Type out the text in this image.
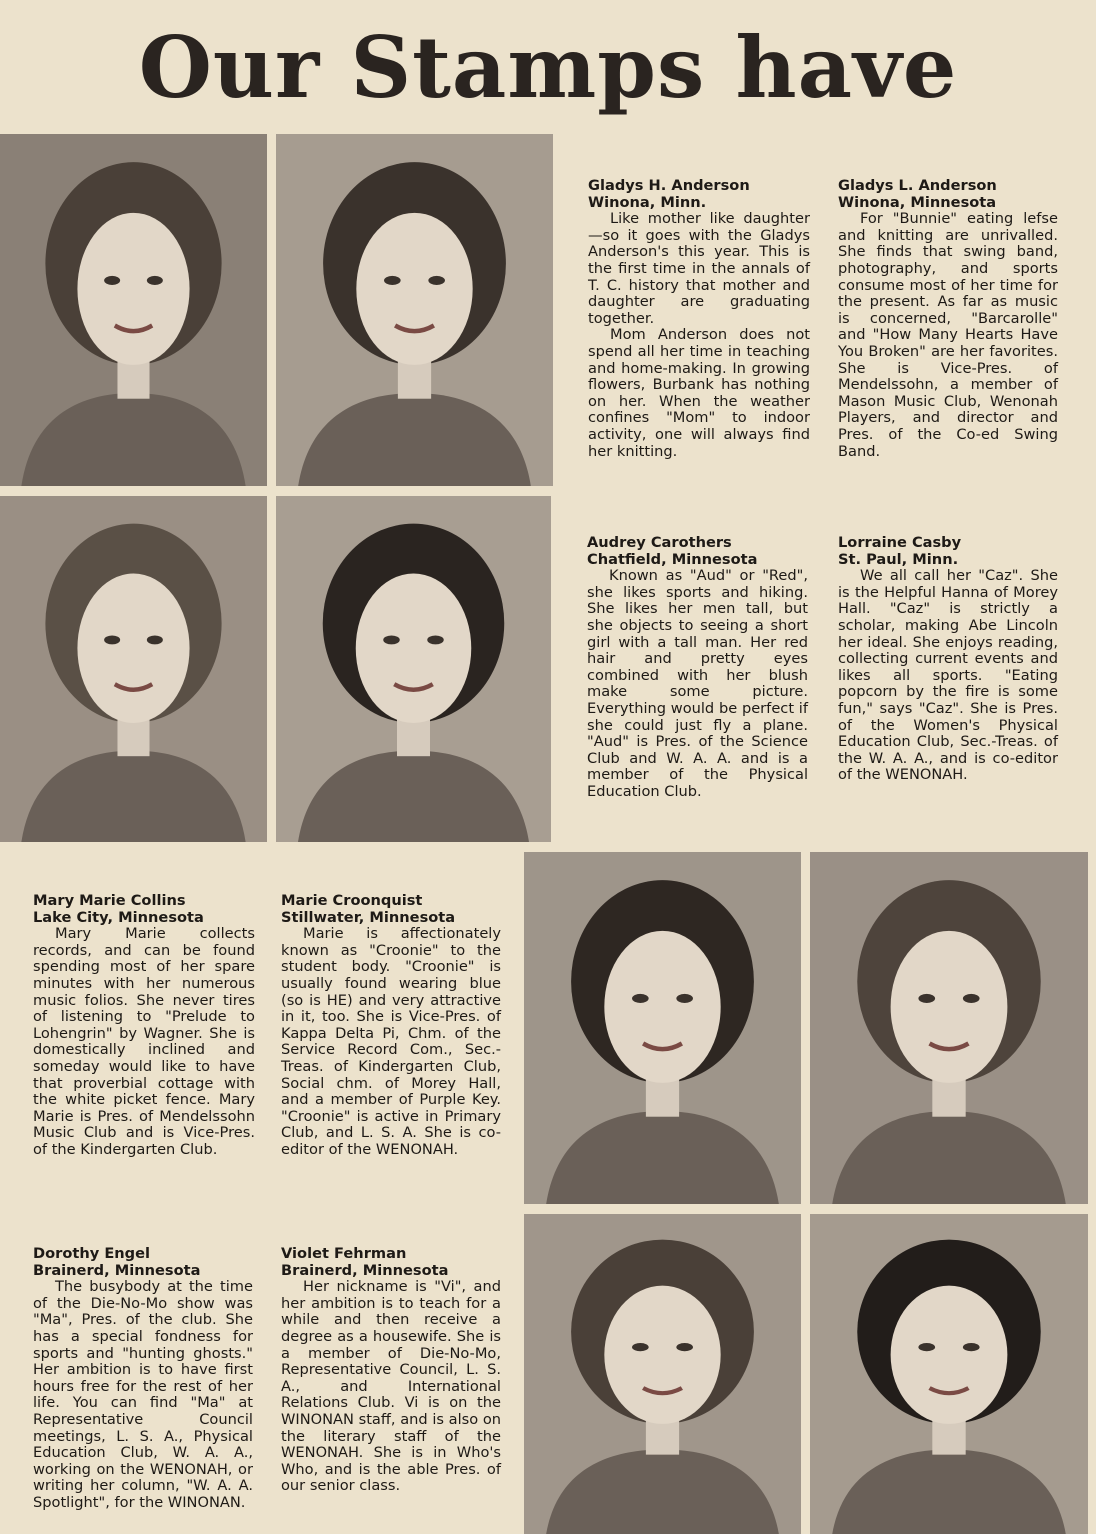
Our Stamps have
Gladys H. Anderson
Winona, Minn.
Like mother like daughter —so it goes with the Gladys Anderson's this year. This is the first time in the annals of T. C. history that mother and daughter are graduating together.
Mom Anderson does not spend all her time in teaching and home-making. In growing flowers, Burbank has nothing on her. When the weather confines "Mom" to indoor activity, one will always find her knitting.
Gladys L. Anderson
Winona, Minnesota
For "Bunnie" eating lefse and knitting are unrivalled. She finds that swing band, photography, and sports consume most of her time for the present. As far as music is concerned, "Barcarolle" and "How Many Hearts Have You Broken" are her favorites. She is Vice-Pres. of Mendelssohn, a member of Mason Music Club, Wenonah Players, and director and Pres. of the Co-ed Swing Band.
Audrey Carothers
Chatfield, Minnesota
Known as "Aud" or "Red", she likes sports and hiking. She likes her men tall, but she objects to seeing a short girl with a tall man. Her red hair and pretty eyes combined with her blush make some picture. Everything would be perfect if she could just fly a plane. "Aud" is Pres. of the Science Club and W. A. A. and is a member of the Physical Education Club.
Lorraine Casby
St. Paul, Minn.
We all call her "Caz". She is the Helpful Hanna of Morey Hall. "Caz" is strictly a scholar, making Abe Lincoln her ideal. She enjoys reading, collecting current events and likes all sports. "Eating popcorn by the fire is some fun," says "Caz". She is Pres. of the Women's Physical Education Club, Sec.-Treas. of the W. A. A., and is co-editor of the WENONAH.
Mary Marie Collins
Lake City, Minnesota
Mary Marie collects records, and can be found spending most of her spare minutes with her numerous music folios. She never tires of listening to "Prelude to Lohengrin" by Wagner. She is domestically inclined and someday would like to have that proverbial cottage with the white picket fence. Mary Marie is Pres. of Mendelssohn Music Club and is Vice-Pres. of the Kindergarten Club.
Marie Croonquist
Stillwater, Minnesota
Marie is affectionately known as "Croonie" to the student body. "Croonie" is usually found wearing blue (so is HE) and very attractive in it, too. She is Vice-Pres. of Kappa Delta Pi, Chm. of the Service Record Com., Sec.-Treas. of Kindergarten Club, Social chm. of Morey Hall, and a member of Purple Key. "Croonie" is active in Primary Club, and L. S. A. She is co-editor of the WENONAH.
Dorothy Engel
Brainerd, Minnesota
The busybody at the time of the Die-No-Mo show was "Ma", Pres. of the club. She has a special fondness for sports and "hunting ghosts." Her ambition is to have first hours free for the rest of her life. You can find "Ma" at Representative Council meetings, L. S. A., Physical Education Club, W. A. A., working on the WENONAH, or writing her column, "W. A. A. Spotlight", for the WINONAN.
Violet Fehrman
Brainerd, Minnesota
Her nickname is "Vi", and her ambition is to teach for a while and then receive a degree as a housewife. She is a member of Die-No-Mo, Representative Council, L. S. A., and International Relations Club. Vi is on the WINONAN staff, and is also on the literary staff of the WENONAH. She is in Who's Who, and is the able Pres. of our senior class.
